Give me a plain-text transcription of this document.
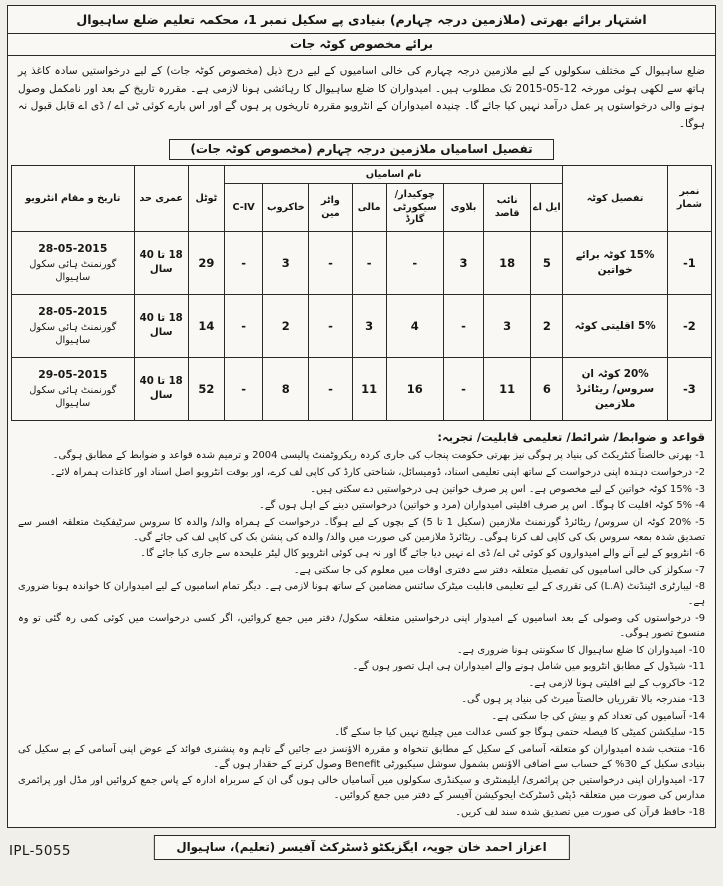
اشتہار برائے بھرتی (ملازمین درجہ چہارم) بنیادی پے سکیل نمبر 1، محکمہ تعلیم ضلع ساہیوال
برائے مخصوص کوٹہ جات
ضلع ساہیوال کے مختلف سکولوں کے لیے ملازمین درجہ چہارم کی خالی اسامیوں کے لیے درج ذیل (مخصوص کوٹہ جات) کے لیے درخواستیں سادہ کاغذ پر ہاتھ سے لکھی ہوئی مورخہ 12-05-2015 تک مطلوب ہیں۔ امیدواران کا ضلع ساہیوال کا رہائشی ہونا لازمی ہے۔ مقررہ تاریخ کے بعد اور نامکمل وصول ہونے والی درخواستوں پر عمل درآمد نہیں کیا جائے گا۔ چنیدہ امیدواران کے انٹرویو مقررہ تاریخوں پر ہوں گے اور اس بارے کوئی ٹی اے / ڈی اے قابل قبول نہ ہوگا۔
تفصیل اسامیاں ملازمین درجہ چہارم (مخصوص کوٹہ جات)
نمبر شمار	تفصیل کوٹہ	نام اسامیاں								ٹوٹل	عمری حد	تاریخ و مقام انٹرویو
		ایل اے	نائب قاصد	بلاوی	چوکیدار/ سیکورٹی گارڈ	مالی	واٹر مین	خاکروب	C-IV			
-1	15% کوٹہ برائے خواتین	5	18	3	-	-	-	3	-	29	18 تا 40 سال	28-05-2015
گورنمنٹ ہائی سکول ساہیوال

-2	5% اقلیتی کوٹہ	2	3	-	4	3	-	2	-	14	18 تا 40 سال	28-05-2015
گورنمنٹ ہائی سکول ساہیوال

-3	20% کوٹہ ان سروس/ ریٹائرڈ ملازمین	6	11	-	16	11	-	8	-	52	18 تا 40 سال	29-05-2015
گورنمنٹ ہائی سکول ساہیوال
قواعد و ضوابط/ شرائط/ تعلیمی قابلیت/ تجربہ:
1- بھرتی خالصتاً کنٹریکٹ کی بنیاد پر ہوگی نیز بھرتی حکومت پنجاب کی جاری کردہ ریکروٹمنٹ پالیسی 2004 و ترمیم شدہ قواعد و ضوابط کے مطابق ہوگی۔
2- درخواست دہندہ اپنی درخواست کے ساتھ اپنی تعلیمی اسناد، ڈومیسائل، شناختی کارڈ کی کاپی لف کرے، اور بوقت انٹرویو اصل اسناد اور کاغذات ہمراہ لائے۔
3-‏ 15% کوٹہ خواتین کے لیے مخصوص ہے۔ اس پر صرف خواتین ہی درخواستیں دے سکتی ہیں۔
4-‏ 5% کوٹہ اقلیت کا ہوگا۔ اس پر صرف اقلیتی امیدواران (مرد و خواتین) درخواستیں دینے کے اہل ہوں گے۔
5-‏ 20% کوٹہ ان سروس/ ریٹائرڈ گورنمنٹ ملازمین (سکیل 1 تا 5) کے بچوں کے لیے ہوگا۔ درخواست کے ہمراہ والد/ والدہ کا سروس سرٹیفکیٹ متعلقہ افسر سے تصدیق شدہ بمعہ سروس بک کی کاپی لف کرنا ہوگی۔ ریٹائرڈ ملازمین کی صورت میں والد/ والدہ کی پنشن بک کی کاپی لف کی جائے گی۔
6- انٹرویو کے لیے آنے والے امیدواروں کو کوئی ٹی اے/ ڈی اے نہیں دیا جائے گا اور نہ ہی کوئی انٹرویو کال لیٹر علیحدہ سے جاری کیا جائے گا۔
7- سکولز کی خالی اسامیوں کی تفصیل متعلقہ دفتر سے دفتری اوقات میں معلوم کی جا سکتی ہے۔
8- لیبارٹری اٹینڈنٹ (L.A) کی تقرری کے لیے تعلیمی قابلیت میٹرک سائنس مضامین کے ساتھ ہونا لازمی ہے۔ دیگر تمام اسامیوں کے لیے امیدواران کا خواندہ ہونا ضروری ہے۔
9- درخواستوں کی وصولی کے بعد اسامیوں کے امیدوار اپنی درخواستیں متعلقہ سکول/ دفتر میں جمع کروائیں، اگر کسی درخواست میں کوئی کمی رہ گئی تو وہ منسوخ تصور ہوگی۔
10- امیدواران کا ضلع ساہیوال کا سکونتی ہونا ضروری ہے۔
11- شیڈول کے مطابق انٹرویو میں شامل ہونے والے امیدواران ہی اہل تصور ہوں گے۔
12- خاکروب کے لیے اقلیتی ہونا لازمی ہے۔
13- مندرجہ بالا تقرریاں خالصتاً میرٹ کی بنیاد پر ہوں گی۔
14- آسامیوں کی تعداد کم و بیش کی جا سکتی ہے۔
15- سلیکشن کمیٹی کا فیصلہ حتمی ہوگا جو کسی عدالت میں چیلنج نہیں کیا جا سکے گا۔
16- منتخب شدہ امیدواران کو متعلقہ آسامی کے سکیل کے مطابق تنخواہ و مقررہ الاؤنسز دیے جائیں گے تاہم وہ پنشنری فوائد کے عوض اپنی آسامی کے پے سکیل کی بنیادی سکیل کے 30% کے حساب سے اضافی الاؤنس بشمول سوشل سیکیورٹی Benefit وصول کرنے کے حقدار ہوں گے۔
17- امیدواران اپنی درخواستیں جن پرائمری/ ایلیمنٹری و سیکنڈری سکولوں میں آسامیاں خالی ہوں گی ان کے سربراہ ادارہ کے پاس جمع کروائیں اور مڈل اور پرائمری مدارس کی صورت میں متعلقہ ڈپٹی ڈسٹرکٹ ایجوکیشن آفیسر کے دفتر میں جمع کروائیں۔
18- حافظ قرآن کی صورت میں تصدیق شدہ سند لف کریں۔
IPL-5055	اعزاز احمد خان جویہ، ایگزیکٹو ڈسٹرکٹ آفیسر (تعلیم)، ساہیوال
